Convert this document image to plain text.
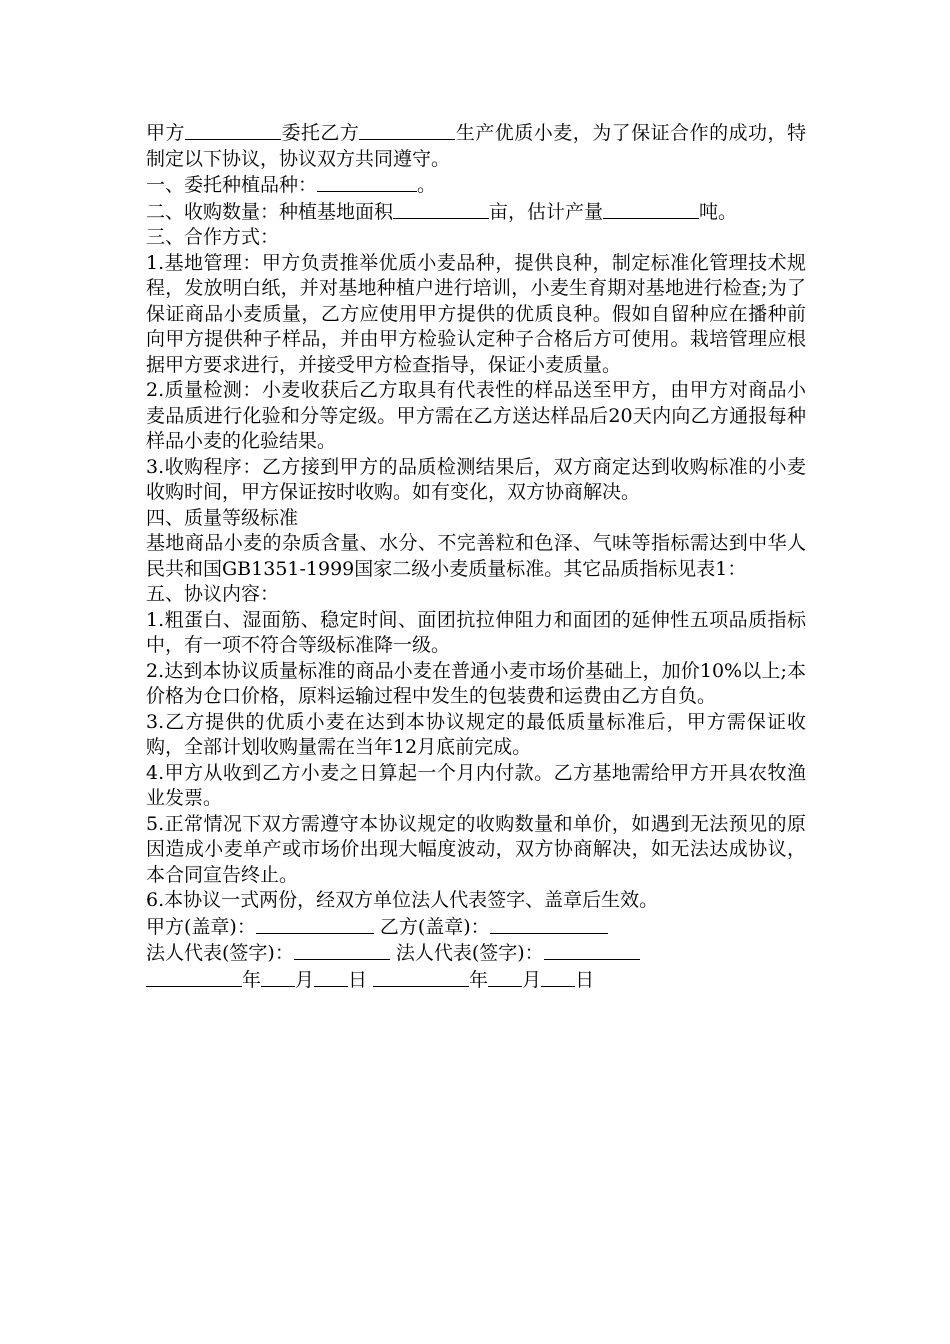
甲方	委托乙方	生产优质小麦，为了保证合作的成功，特制定以下协议，协议双方共同遵守。

一、委托种植品种：	。

二、收购数量：种植基地面积	亩，估计产量	吨。

三、合作方式：

1.基地管理：甲方负责推举优质小麦品种，提供良种，制定标准化管理技术规程，发放明白纸，并对基地种植户进行培训，小麦生育期对基地进行检查;为了保证商品小麦质量，乙方应使用甲方提供的优质良种。假如自留种应在播种前向甲方提供种子样品，并由甲方检验认定种子合格后方可使用。栽培管理应根据甲方要求进行，并接受甲方检查指导，保证小麦质量。

2.质量检测：小麦收获后乙方取具有代表性的样品送至甲方，由甲方对商品小麦品质进行化验和分等定级。甲方需在乙方送达样品后20天内向乙方通报每种样品小麦的化验结果。

3.收购程序：乙方接到甲方的品质检测结果后，双方商定达到收购标准的小麦收购时间，甲方保证按时收购。如有变化，双方协商解决。

四、质量等级标准

基地商品小麦的杂质含量、水分、不完善粒和色泽、气味等指标需达到中华人民共和国GB1351-1999国家二级小麦质量标准。其它品质指标见表1：

五、协议内容：

1.粗蛋白、湿面筋、稳定时间、面团抗拉伸阻力和面团的延伸性五项品质指标中，有一项不符合等级标准降一级。

2.达到本协议质量标准的商品小麦在普通小麦市场价基础上，加价10%以上;本价格为仓口价格，原料运输过程中发生的包装费和运费由乙方自负。

3.乙方提供的优质小麦在达到本协议规定的最低质量标准后，甲方需保证收购，全部计划收购量需在当年12月底前完成。

4.甲方从收到乙方小麦之日算起一个月内付款。乙方基地需给甲方开具农牧渔业发票。

5.正常情况下双方需遵守本协议规定的收购数量和单价，如遇到无法预见的原因造成小麦单产或市场价出现大幅度波动，双方协商解决，如无法达成协议，本合同宣告终止。

6.本协议一式两份，经双方单位法人代表签字、盖章后生效。

甲方(盖章)：	乙方(盖章)：

法人代表(签字)：	法人代表(签字)：

年 月 日	年 月 日
